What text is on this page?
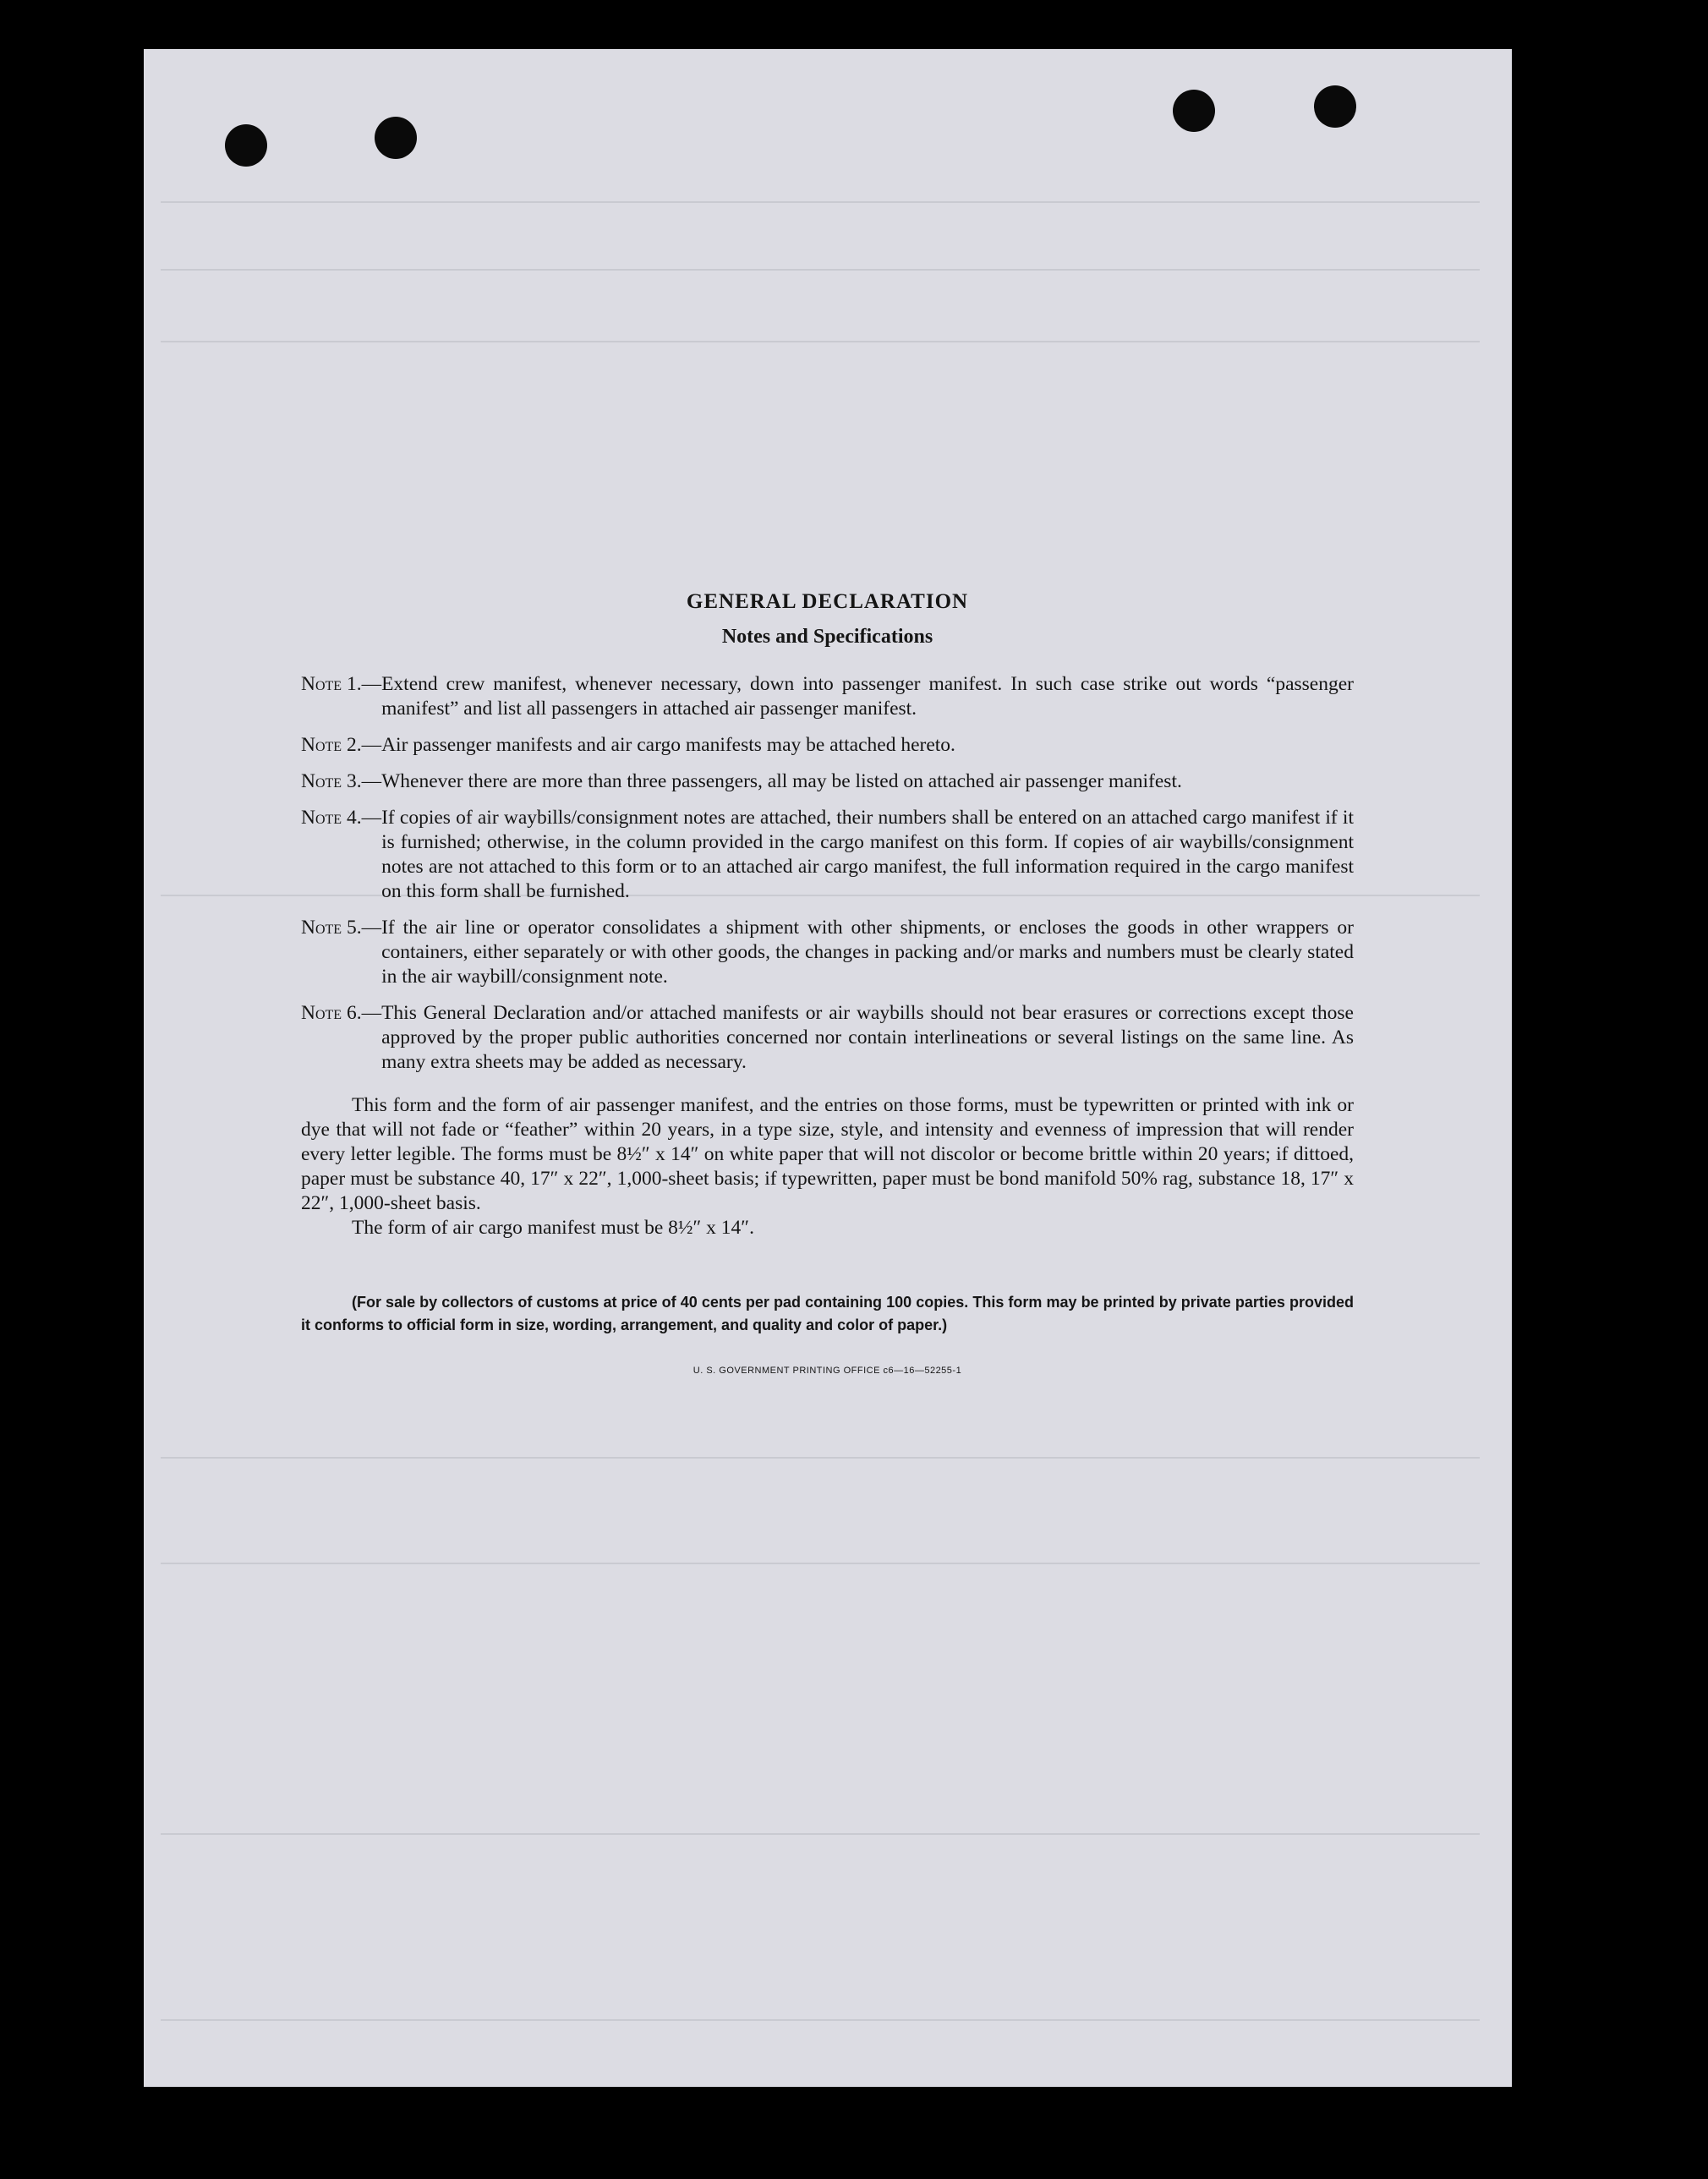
GENERAL DECLARATION
Notes and Specifications
Note 1.— Extend crew manifest, whenever necessary, down into passenger manifest. In such case strike out words “passenger manifest” and list all passengers in attached air passenger manifest.
Note 2.— Air passenger manifests and air cargo manifests may be attached hereto.
Note 3.— Whenever there are more than three passengers, all may be listed on attached air passenger manifest.
Note 4.— If copies of air waybills/consignment notes are attached, their numbers shall be entered on an attached cargo manifest if it is furnished; otherwise, in the column provided in the cargo manifest on this form. If copies of air waybills/consignment notes are not attached to this form or to an attached air cargo manifest, the full information required in the cargo manifest on this form shall be furnished.
Note 5.— If the air line or operator consolidates a shipment with other shipments, or encloses the goods in other wrappers or containers, either separately or with other goods, the changes in packing and/or marks and numbers must be clearly stated in the air waybill/consignment note.
Note 6.— This General Declaration and/or attached manifests or air waybills should not bear erasures or corrections except those approved by the proper public authorities concerned nor contain interlineations or several listings on the same line. As many extra sheets may be added as necessary.
This form and the form of air passenger manifest, and the entries on those forms, must be typewritten or printed with ink or dye that will not fade or “feather” within 20 years, in a type size, style, and intensity and evenness of impression that will render every letter legible. The forms must be 8½″ x 14″ on white paper that will not discolor or become brittle within 20 years; if dittoed, paper must be substance 40, 17″ x 22″, 1,000-sheet basis; if typewritten, paper must be bond manifold 50% rag, substance 18, 17″ x 22″, 1,000-sheet basis.
The form of air cargo manifest must be 8½″ x 14″.
(For sale by collectors of customs at price of 40 cents per pad containing 100 copies. This form may be printed by private parties provided it conforms to official form in size, wording, arrangement, and quality and color of paper.)
U. S. GOVERNMENT PRINTING OFFICE c6—16—52255-1
